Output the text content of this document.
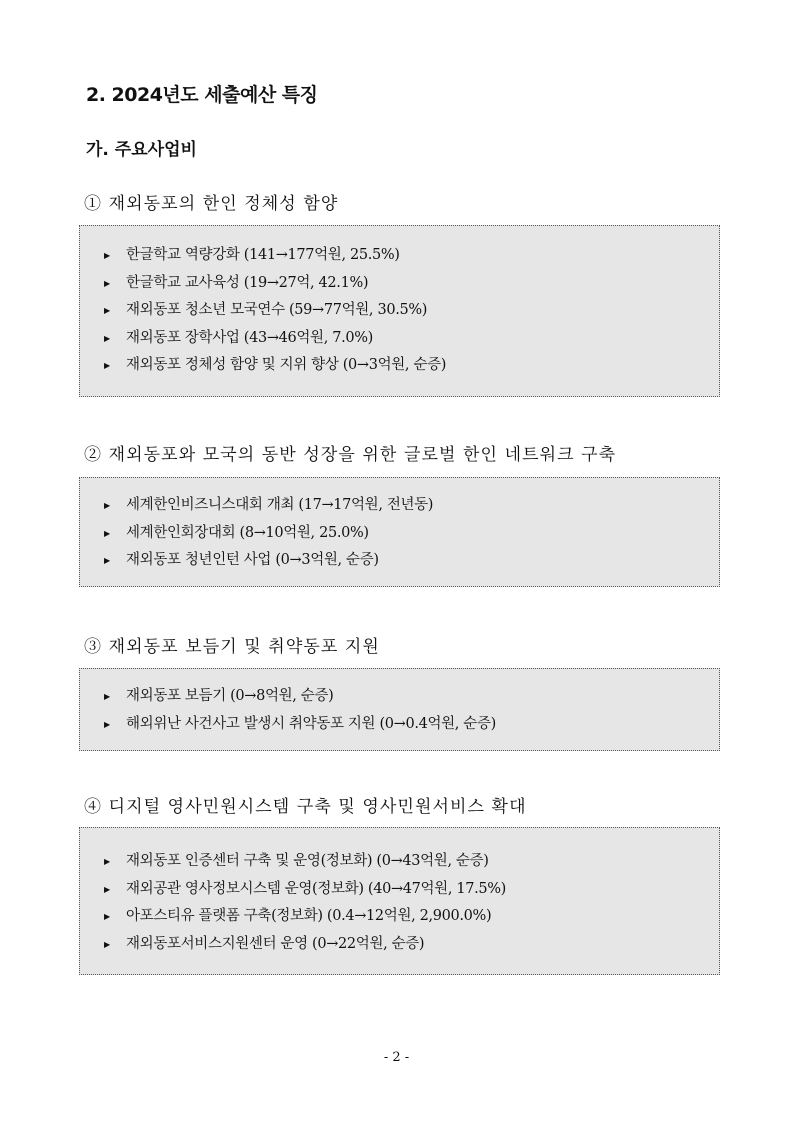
2. 2024년도 세출예산 특징
가. 주요사업비
① 재외동포의 한인 정체성 함양
▶ 한글학교 역량강화 (141→177억원, 25.5%)
▶ 한글학교 교사육성 (19→27억, 42.1%)
▶ 재외동포 청소년 모국연수 (59→77억원, 30.5%)
▶ 재외동포 장학사업 (43→46억원, 7.0%)
▶ 재외동포 정체성 함양 및 지위 향상 (0→3억원, 순증)
② 재외동포와 모국의 동반 성장을 위한 글로벌 한인 네트워크 구축
▶ 세계한인비즈니스대회 개최 (17→17억원, 전년동)
▶ 세계한인회장대회 (8→10억원, 25.0%)
▶ 재외동포 청년인턴 사업 (0→3억원, 순증)
③ 재외동포 보듬기 및 취약동포 지원
▶ 재외동포 보듬기 (0→8억원, 순증)
▶ 해외위난 사건사고 발생시 취약동포 지원 (0→0.4억원, 순증)
④ 디지털 영사민원시스템 구축 및 영사민원서비스 확대
▶ 재외동포 인증센터 구축 및 운영(정보화) (0→43억원, 순증)
▶ 재외공관 영사정보시스템 운영(정보화) (40→47억원, 17.5%)
▶ 아포스티유 플랫폼 구축(정보화) (0.4→12억원, 2,900.0%)
▶ 재외동포서비스지원센터 운영 (0→22억원, 순증)
- 2 -
